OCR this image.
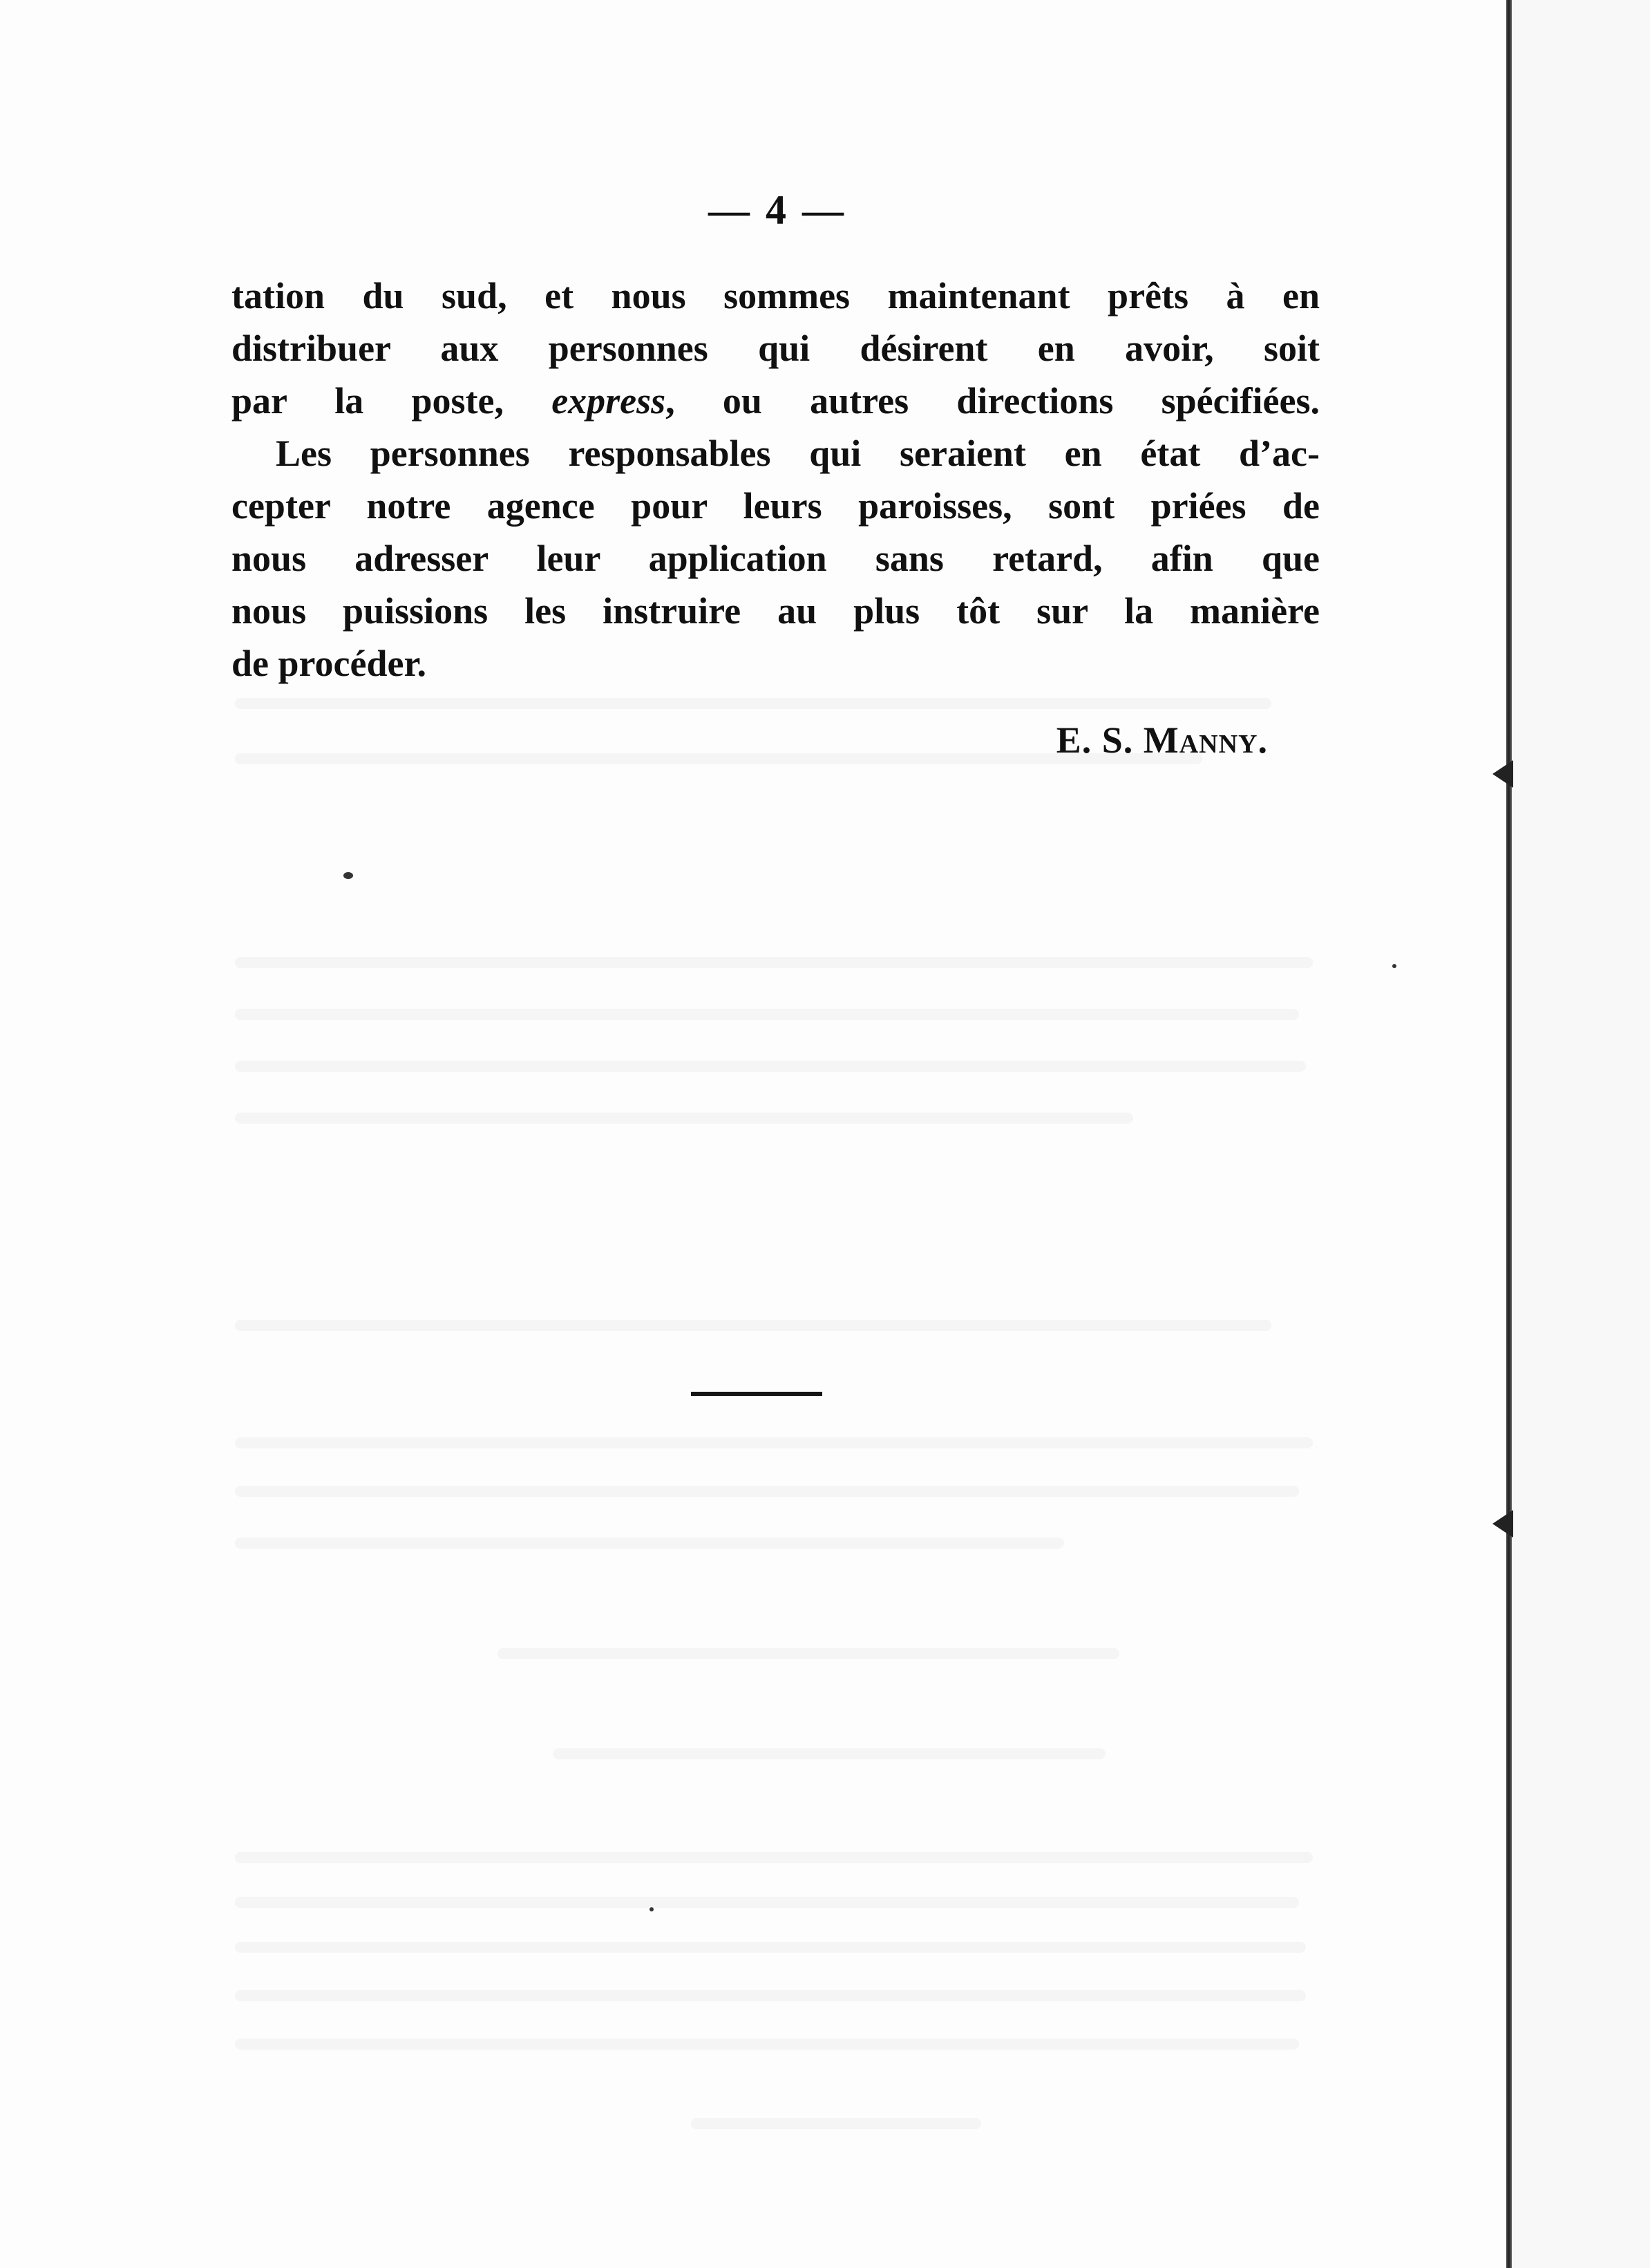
— 4 —

tation du sud, et nous sommes maintenant prêts à en
distribuer aux personnes qui désirent en avoir, soit
par la poste, express, ou autres directions spécifiées.

Les personnes responsables qui seraient en état d’ac-
cepter notre agence pour leurs paroisses, sont priées de
nous adresser leur application sans retard, afin que
nous puissions les instruire au plus tôt sur la manière
de procéder.

E. S. Manny.
